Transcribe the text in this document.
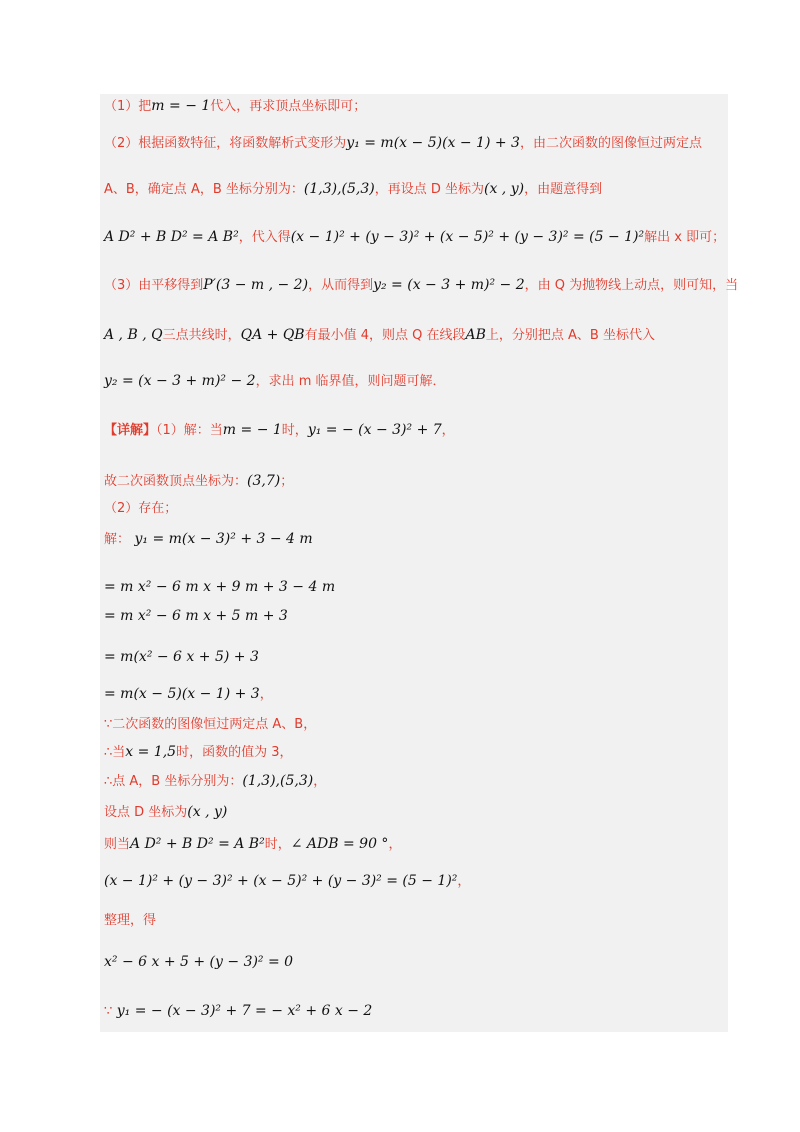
（1）把m = − 1代入，再求顶点坐标即可；
（2）根据函数特征，将函数解析式变形为y₁ = m(x − 5)(x − 1) + 3，由二次函数的图像恒过两定点
A、B，确定点 A，B 坐标分别为：(1,3),(5,3)，再设点 D 坐标为(x , y)，由题意得到
A D² + B D² = A B²，代入得(x − 1)² + (y − 3)² + (x − 5)² + (y − 3)² = (5 − 1)²解出 x 即可；
（3）由平移得到P′(3 − m , − 2)，从而得到y₂ = (x − 3 + m)² − 2，由 Q 为抛物线上动点，则可知，当
A , B , Q三点共线时，QA + QB有最小值 4，则点 Q 在线段AB上，分别把点 A、B 坐标代入
y₂ = (x − 3 + m)² − 2，求出 m 临界值，则问题可解．
【详解】（1）解：当m = − 1时，y₁ = − (x − 3)² + 7，
故二次函数顶点坐标为：(3,7)；
（2）存在；
解： y₁ = m(x − 3)² + 3 − 4 m
= m x² − 6 m x + 9 m + 3 − 4 m
= m x² − 6 m x + 5 m + 3
= m(x² − 6 x + 5) + 3
= m(x − 5)(x − 1) + 3，
∵二次函数的图像恒过两定点 A、B，
∴当x = 1,5时，函数的值为 3，
∴点 A，B 坐标分别为：(1,3),(5,3)，
设点 D 坐标为(x , y)
则当A D² + B D² = A B²时，∠ ADB = 90 °，
(x − 1)² + (y − 3)² + (x − 5)² + (y − 3)² = (5 − 1)²，
整理，得
x² − 6 x + 5 + (y − 3)² = 0
∵ y₁ = − (x − 3)² + 7 = − x² + 6 x − 2
